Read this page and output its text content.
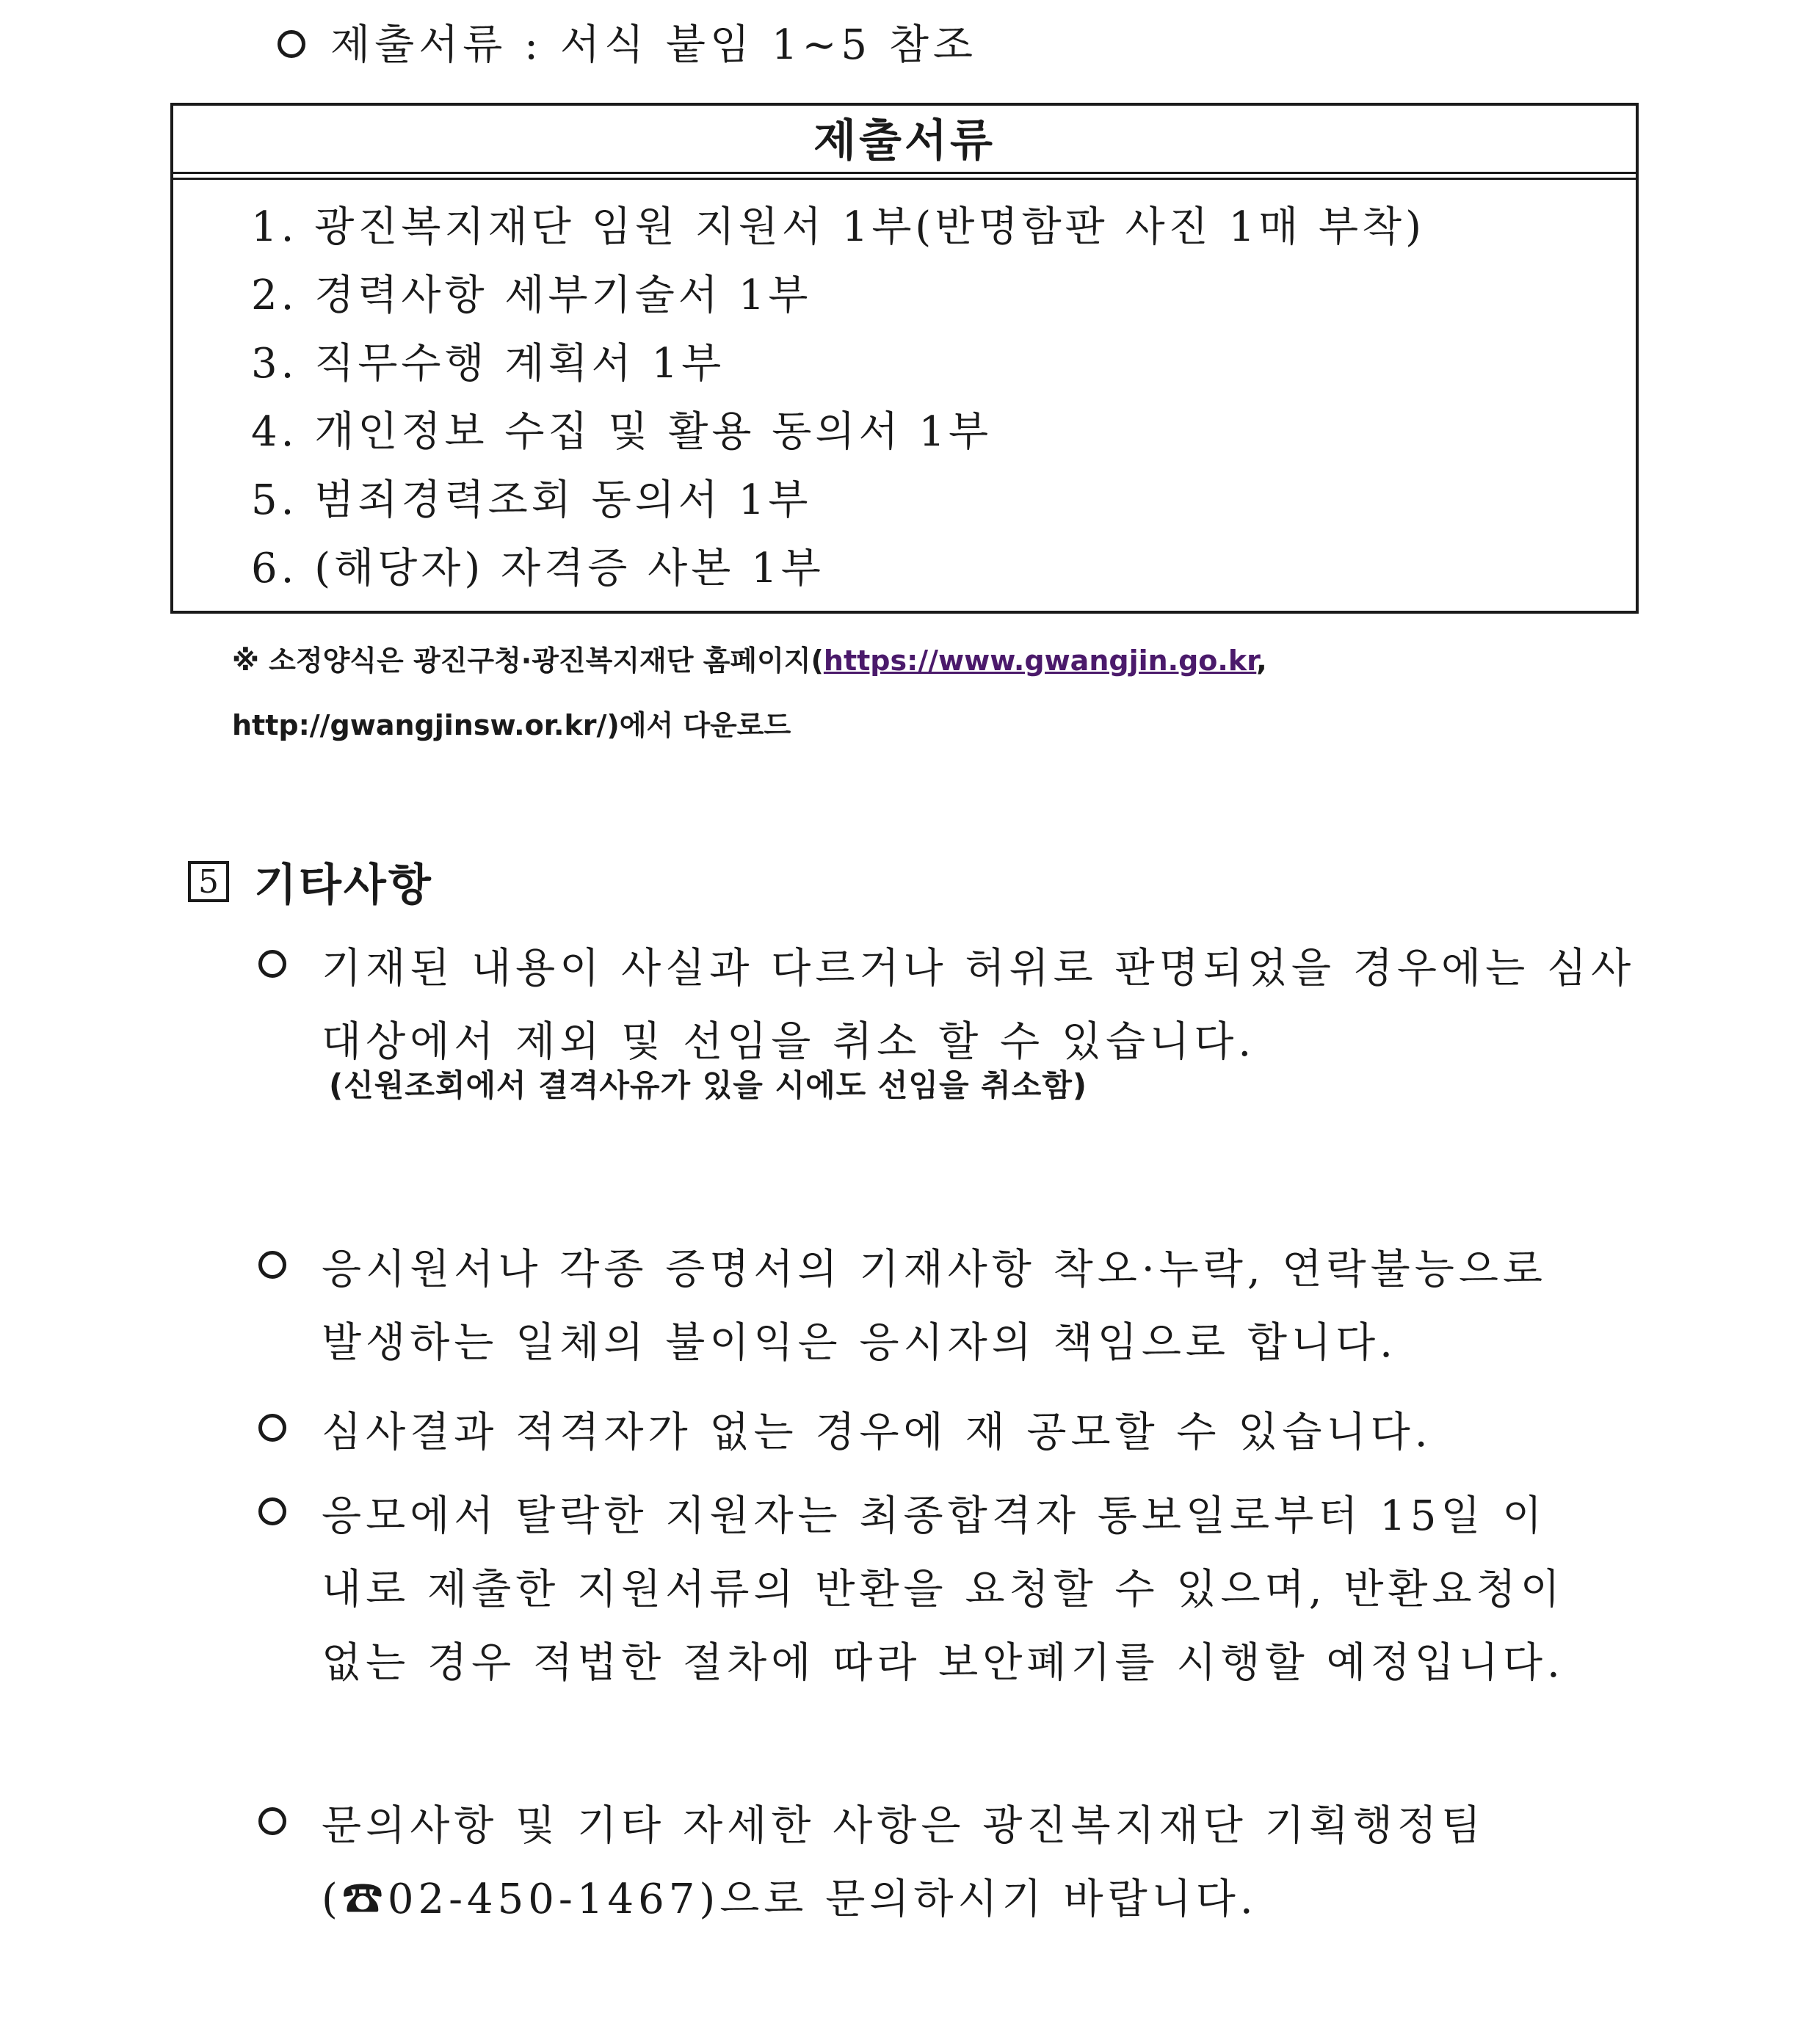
제출서류 : 서식 붙임 1∼5 참조
제출서류
1. 광진복지재단 임원 지원서 1부(반명함판 사진 1매 부착)
2. 경력사항 세부기술서 1부
3. 직무수행 계획서 1부
4. 개인정보 수집 및 활용 동의서 1부
5. 범죄경력조회 동의서 1부
6. (해당자) 자격증 사본 1부
※ 소정양식은 광진구청·광진복지재단 홈페이지(https://www.gwangjin.go.kr, http://gwangjinsw.or.kr/)에서 다운로드
5 기타사항
기재된 내용이 사실과 다르거나 허위로 판명되었을 경우에는 심사
대상에서 제외 및 선임을 취소 할 수 있습니다.
(신원조회에서 결격사유가 있을 시에도 선임을 취소함)
응시원서나 각종 증명서의 기재사항 착오·누락, 연락불능으로
발생하는 일체의 불이익은 응시자의 책임으로 합니다.
심사결과 적격자가 없는 경우에 재 공모할 수 있습니다.
응모에서 탈락한 지원자는 최종합격자 통보일로부터 15일 이
내로 제출한 지원서류의 반환을 요청할 수 있으며, 반환요청이
없는 경우 적법한 절차에 따라 보안폐기를 시행할 예정입니다.
문의사항 및 기타 자세한 사항은 광진복지재단 기획행정팀
(☎02-450-1467)으로 문의하시기 바랍니다.
